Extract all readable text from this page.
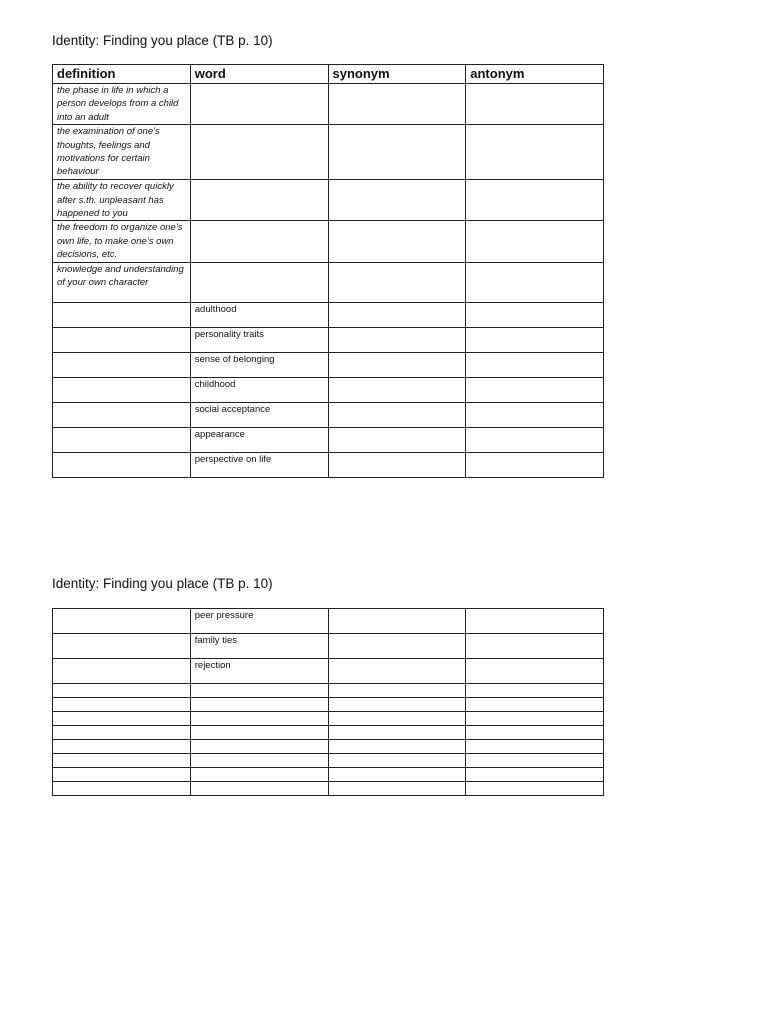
Identity: Finding you place (TB p. 10)
definition	word	synonym	antonym
the phase in life in which a person develops from a child into an adult			
the examination of one’s thoughts, feelings and motivations for certain behaviour			
the ability to recover quickly after s.th. unpleasant has happened to you			
the freedom to organize one’s own life, to make one’s own decisions, etc.			
knowledge and understanding of your own character			
	adulthood		
	personality traits		
	sense of belonging		
	childhood		
	social acceptance		
	appearance		
	perspective on life		
Identity: Finding you place (TB p. 10)
	peer pressure		
	family ties		
	rejection		
